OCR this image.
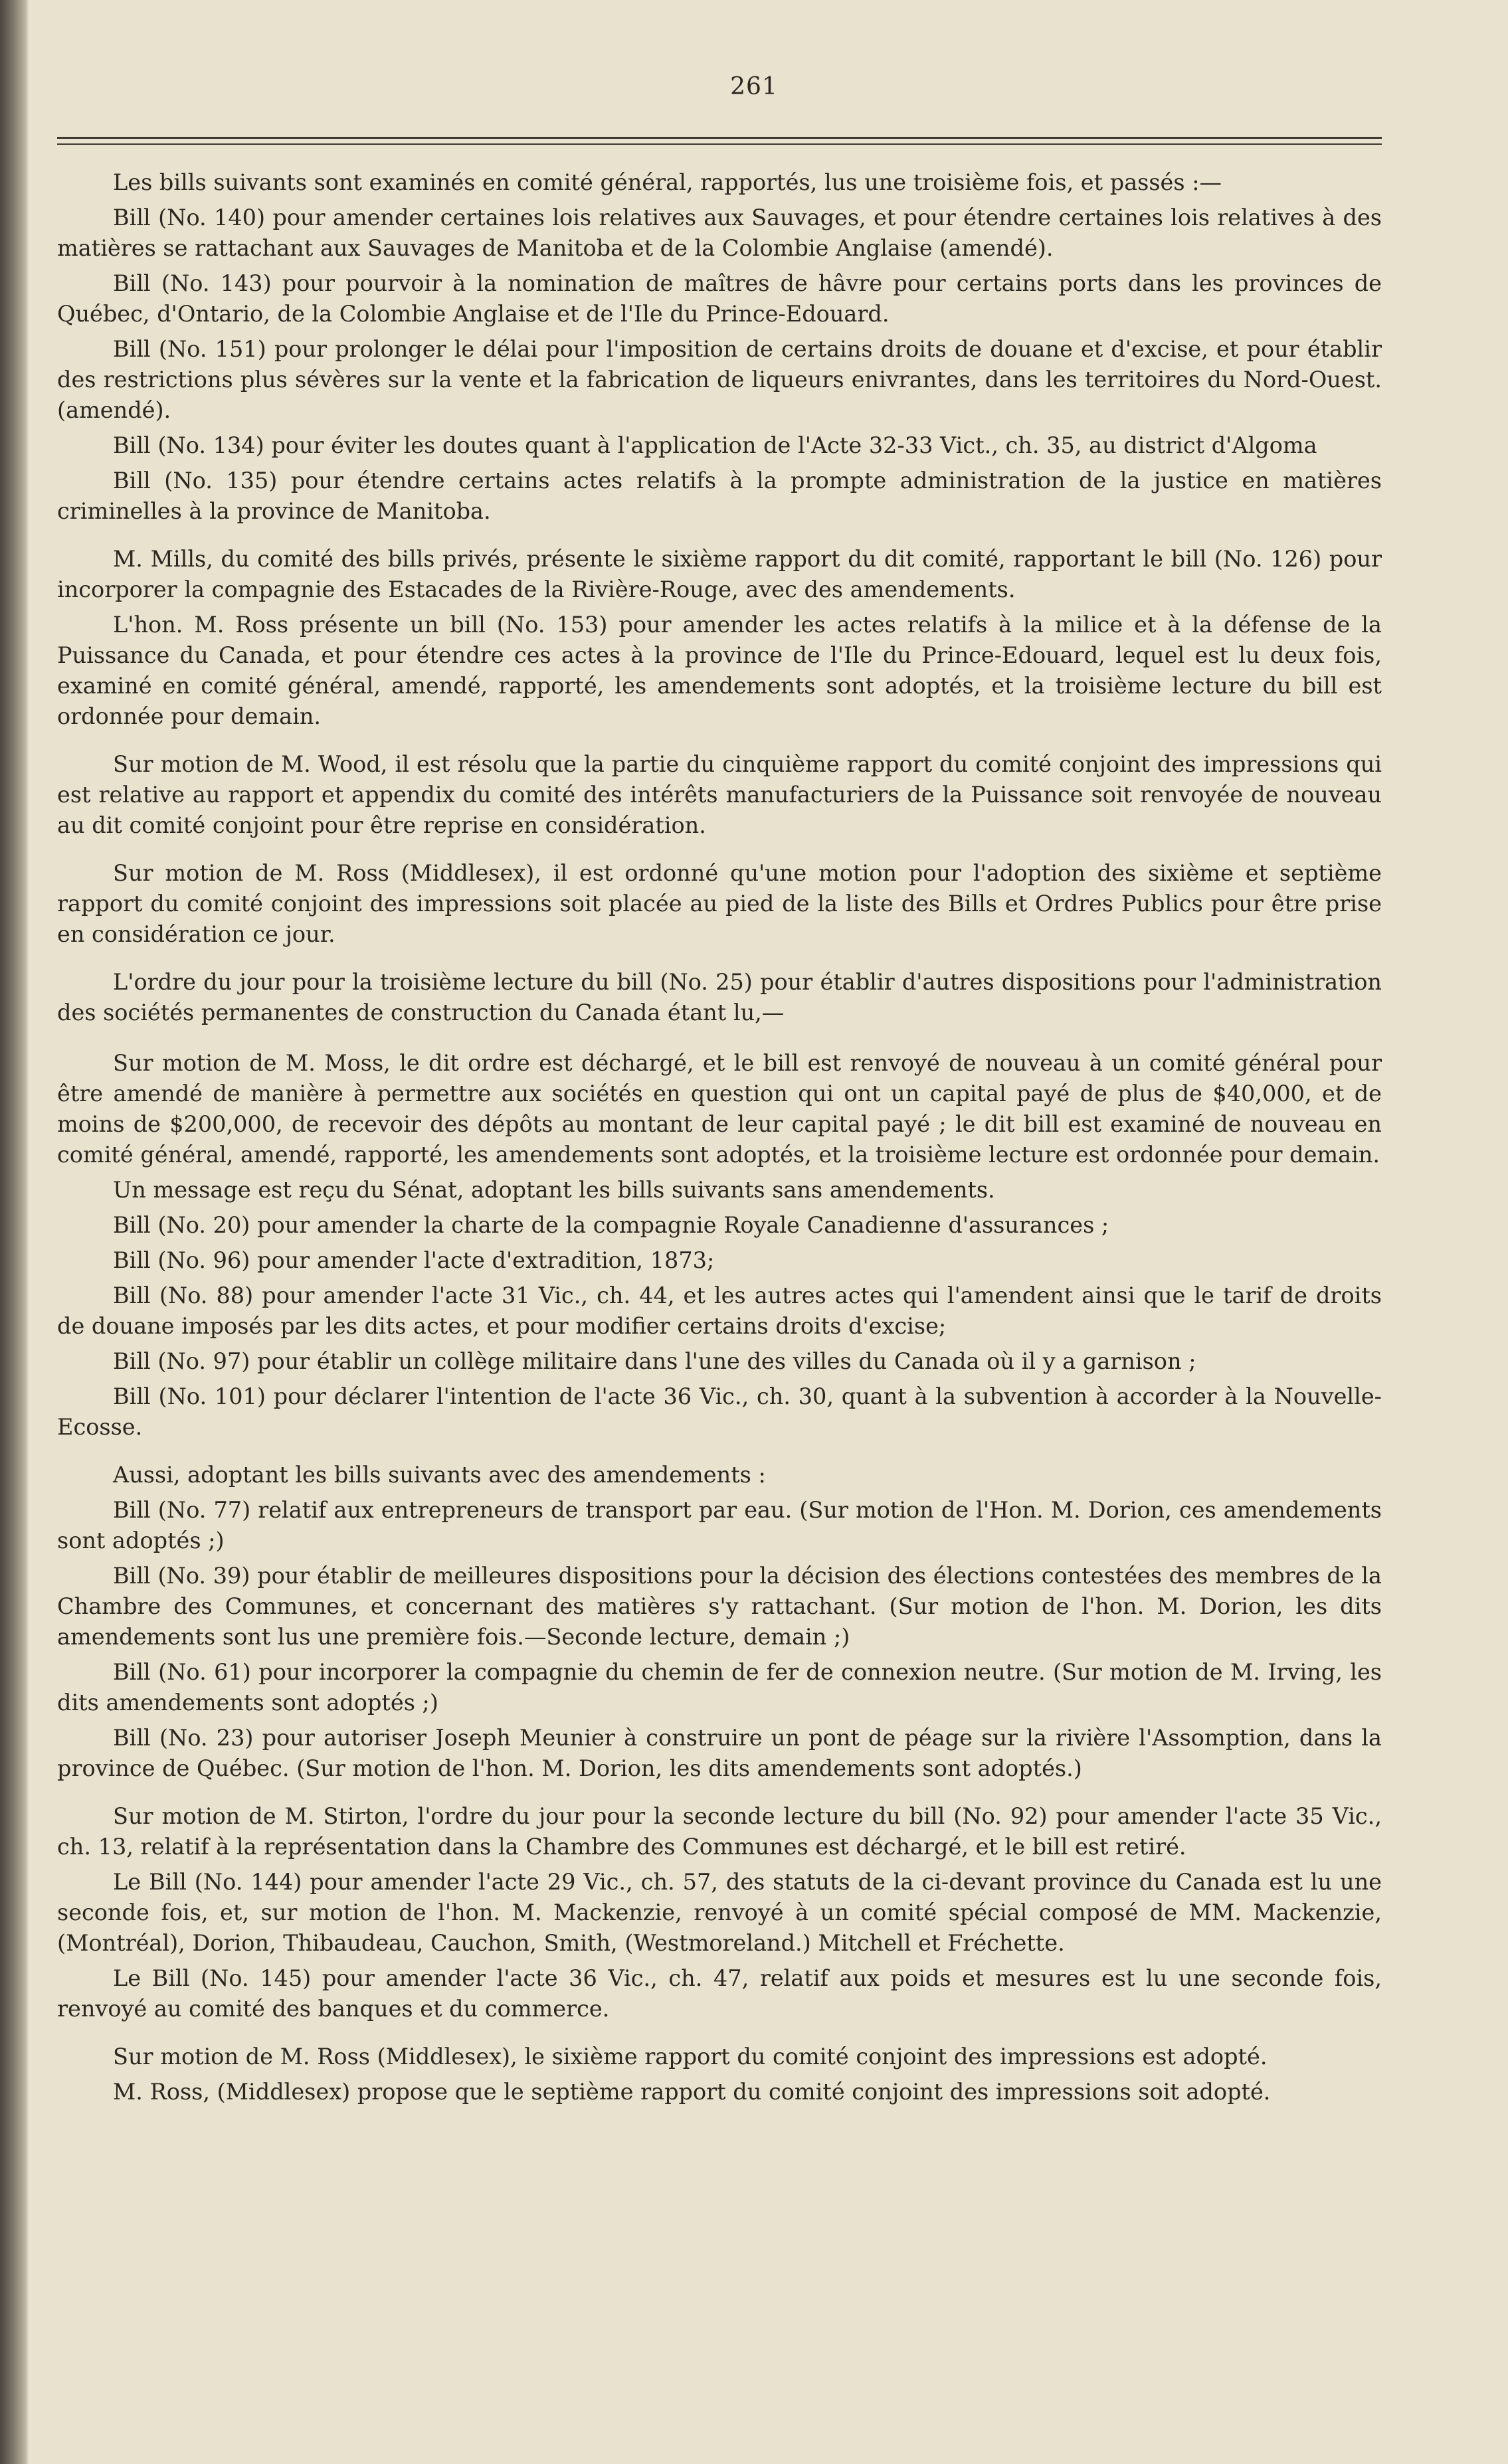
261

Les bills suivants sont examinés en comité général, rapportés, lus une troisième fois, et passés :—

Bill (No. 140) pour amender certaines lois relatives aux Sauvages, et pour étendre certaines lois relatives à des matières se rattachant aux Sauvages de Manitoba et de la Colombie Anglaise (amendé).

Bill (No. 143) pour pourvoir à la nomination de maîtres de hâvre pour certains ports dans les provinces de Québec, d'Ontario, de la Colombie Anglaise et de l'Ile du Prince-Edouard.

Bill (No. 151) pour prolonger le délai pour l'imposition de certains droits de douane et d'excise, et pour établir des restrictions plus sévères sur la vente et la fabrication de liqueurs enivrantes, dans les territoires du Nord-Ouest. (amendé).

Bill (No. 134) pour éviter les doutes quant à l'application de l'Acte 32-33 Vict., ch. 35, au district d'Algoma

Bill (No. 135) pour étendre certains actes relatifs à la prompte administration de la justice en matières criminelles à la province de Manitoba.

M. Mills, du comité des bills privés, présente le sixième rapport du dit comité, rapportant le bill (No. 126) pour incorporer la compagnie des Estacades de la Rivière-Rouge, avec des amendements.

L'hon. M. Ross présente un bill (No. 153) pour amender les actes relatifs à la milice et à la défense de la Puissance du Canada, et pour étendre ces actes à la province de l'Ile du Prince-Edouard, lequel est lu deux fois, examiné en comité général, amendé, rapporté, les amendements sont adoptés, et la troisième lecture du bill est ordonnée pour demain.

Sur motion de M. Wood, il est résolu que la partie du cinquième rapport du comité conjoint des impressions qui est relative au rapport et appendix du comité des intérêts manufacturiers de la Puissance soit renvoyée de nouveau au dit comité conjoint pour être reprise en considération.

Sur motion de M. Ross (Middlesex), il est ordonné qu'une motion pour l'adoption des sixième et septième rapport du comité conjoint des impressions soit placée au pied de la liste des Bills et Ordres Publics pour être prise en considération ce jour.

L'ordre du jour pour la troisième lecture du bill (No. 25) pour établir d'autres dispositions pour l'administration des sociétés permanentes de construction du Canada étant lu,—

Sur motion de M. Moss, le dit ordre est déchargé, et le bill est renvoyé de nouveau à un comité général pour être amendé de manière à permettre aux sociétés en question qui ont un capital payé de plus de $40,000, et de moins de $200,000, de recevoir des dépôts au montant de leur capital payé ; le dit bill est examiné de nouveau en comité général, amendé, rapporté, les amendements sont adoptés, et la troisième lecture est ordonnée pour demain.

Un message est reçu du Sénat, adoptant les bills suivants sans amendements.

Bill (No. 20) pour amender la charte de la compagnie Royale Canadienne d'assurances ;

Bill (No. 96) pour amender l'acte d'extradition, 1873;

Bill (No. 88) pour amender l'acte 31 Vic., ch. 44, et les autres actes qui l'amendent ainsi que le tarif de droits de douane imposés par les dits actes, et pour modifier certains droits d'excise;

Bill (No. 97) pour établir un collège militaire dans l'une des villes du Canada où il y a garnison ;

Bill (No. 101) pour déclarer l'intention de l'acte 36 Vic., ch. 30, quant à la subvention à accorder à la Nouvelle-Ecosse.

Aussi, adoptant les bills suivants avec des amendements :

Bill (No. 77) relatif aux entrepreneurs de transport par eau. (Sur motion de l'Hon. M. Dorion, ces amendements sont adoptés ;)

Bill (No. 39) pour établir de meilleures dispositions pour la décision des élections contestées des membres de la Chambre des Communes, et concernant des matières s'y rattachant. (Sur motion de l'hon. M. Dorion, les dits amendements sont lus une première fois.—Seconde lecture, demain ;)

Bill (No. 61) pour incorporer la compagnie du chemin de fer de connexion neutre. (Sur motion de M. Irving, les dits amendements sont adoptés ;)

Bill (No. 23) pour autoriser Joseph Meunier à construire un pont de péage sur la rivière l'Assomption, dans la province de Québec. (Sur motion de l'hon. M. Dorion, les dits amendements sont adoptés.)

Sur motion de M. Stirton, l'ordre du jour pour la seconde lecture du bill (No. 92) pour amender l'acte 35 Vic., ch. 13, relatif à la représentation dans la Chambre des Communes est déchargé, et le bill est retiré.

Le Bill (No. 144) pour amender l'acte 29 Vic., ch. 57, des statuts de la ci-devant province du Canada est lu une seconde fois, et, sur motion de l'hon. M. Mackenzie, renvoyé à un comité spécial composé de MM. Mackenzie, (Montréal), Dorion, Thibaudeau, Cauchon, Smith, (Westmoreland.) Mitchell et Fréchette.

Le Bill (No. 145) pour amender l'acte 36 Vic., ch. 47, relatif aux poids et mesures est lu une seconde fois, renvoyé au comité des banques et du commerce.

Sur motion de M. Ross (Middlesex), le sixième rapport du comité conjoint des impressions est adopté.

M. Ross, (Middlesex) propose que le septième rapport du comité conjoint des impressions soit adopté.
